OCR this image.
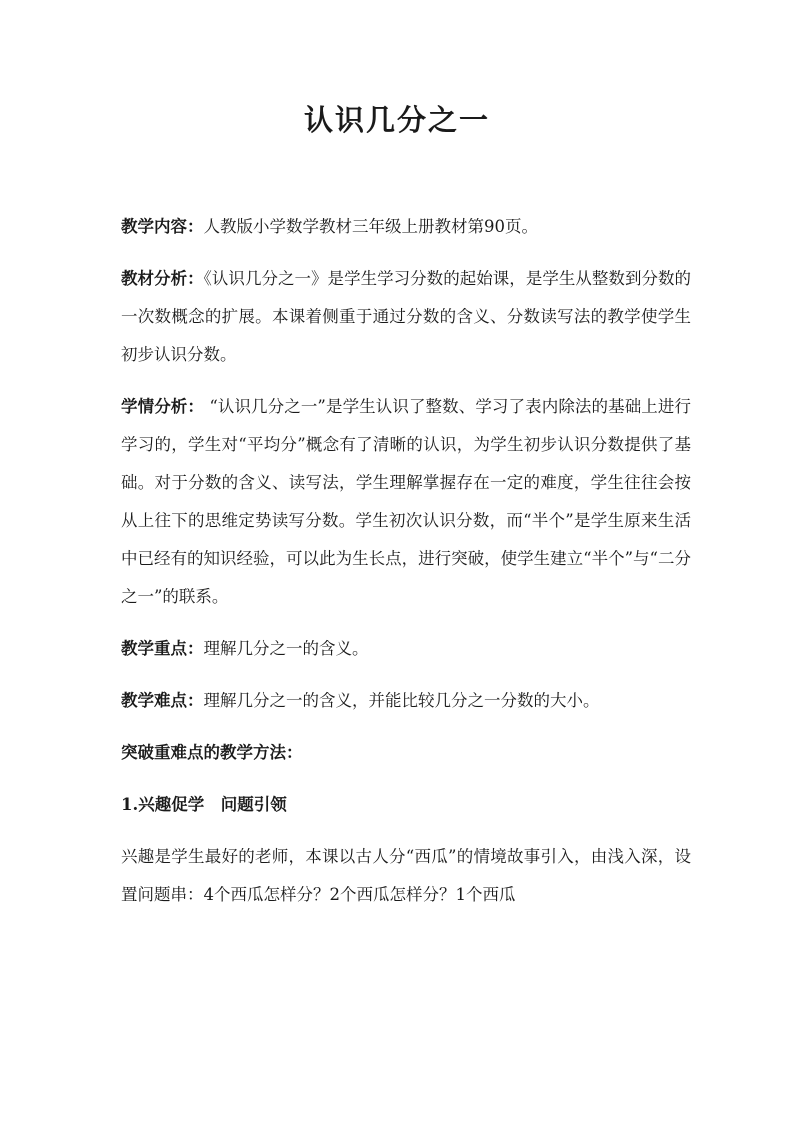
认识几分之一

教学内容：人教版小学数学教材三年级上册教材第90页。

教材分析：《认识几分之一》是学生学习分数的起始课，是学生从整数到分数的一次数概念的扩展。本课着侧重于通过分数的含义、分数读写法的教学使学生初步认识分数。

学情分析： “认识几分之一”是学生认识了整数、学习了表内除法的基础上进行学习的，学生对“平均分”概念有了清晰的认识，为学生初步认识分数提供了基础。对于分数的含义、读写法，学生理解掌握存在一定的难度，学生往往会按从上往下的思维定势读写分数。学生初次认识分数，而“半个”是学生原来生活中已经有的知识经验，可以此为生长点，进行突破，使学生建立“半个”与“二分之一”的联系。

教学重点：理解几分之一的含义。

教学难点：理解几分之一的含义，并能比较几分之一分数的大小。

突破重难点的教学方法：

1.兴趣促学　问题引领

兴趣是学生最好的老师，本课以古人分“西瓜”的情境故事引入，由浅入深，设置问题串：4个西瓜怎样分？2个西瓜怎样分？1个西瓜
